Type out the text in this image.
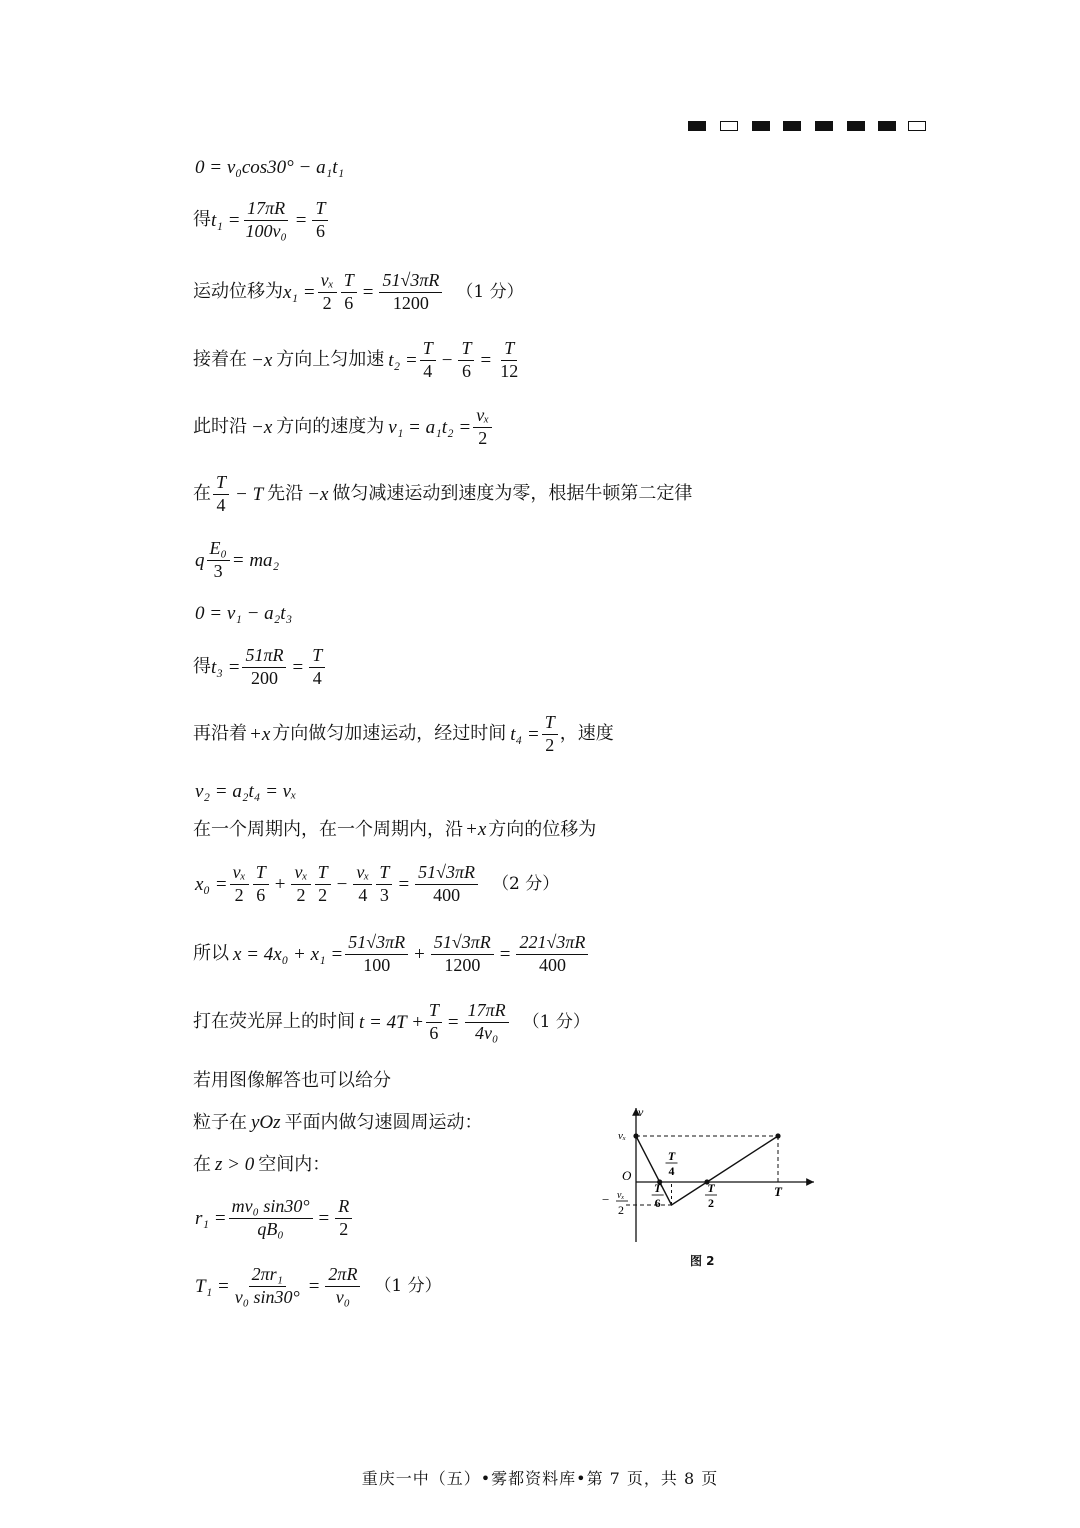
0 = v₀cos30° − a₁t₁
得 $t_1 = \frac{17\pi R}{\text{100v₀}} = \frac{T}{6}$
运动位移为 $x_1 = \frac{\text{vₓ}}{2} \frac{T}{6} = \frac{51√3\pi R}{1200} (1$ 分）
接着在 −x 方向上匀加速 $t_2 = \frac{T}{4} - \frac{T}{6} = \frac{T}{12}$
此时沿 −x 方向的速度为 $v_1 = a_1t_2 = \frac{\text{vₓ}}{2}$
在 $\frac{T}{4} - T$ 先沿 −x 做匀减速运动到速度为零，根据牛顿第二定律
q $\frac{\text{E₀}}{3} = ma_2$
0 = v₁ − a₂t₃
得 $t_3 = \frac{51\pi R}{200} = \frac{T}{4}$
再沿着 +x 方向做匀加速运动，经过时间 $t_4 = \frac{T}{2}$ ，速度
v₂ = a₂t₄ = vₓ
在一个周期内，在一个周期内，沿 +x 方向的位移为
$x_0 = \frac{\text{vₓ}}{2} \frac{T}{6} + \frac{\text{vₓ}}{2} \frac{T}{2} - \frac{\text{vₓ}}{4} \frac{T}{3} = \frac{51√3\pi R}{400} (2$ 分）
所以 $x = 4x_0 + x_1 = \frac{51√3\pi R}{100} + \frac{51√3\pi R}{1200} = \frac{221√3\pi R}{400}$
打在荧光屏上的时间 $t = 4T + \frac{T}{6} = \frac{17\pi R}{\text{4v₀}} (1$ 分）
若用图像解答也可以给分
粒子在 yOz 平面内做匀速圆周运动：
在 z > 0 空间内：
$r_1 = \frac{\text{mv₀ sin30°}}{\text{qB₀}} = \frac{R}{2}$
$T_1 = \frac{\text{2πr₁}}{\text{v₀ sin30°}} = \frac{2\pi R}{\text{v₀}} (1$ 分）
T
6
T
4
T
2
T
v
O
vₓ
− vₓ
2
图 2
重庆一中（五）•雾都资料库•第 7 页，共 8 页
